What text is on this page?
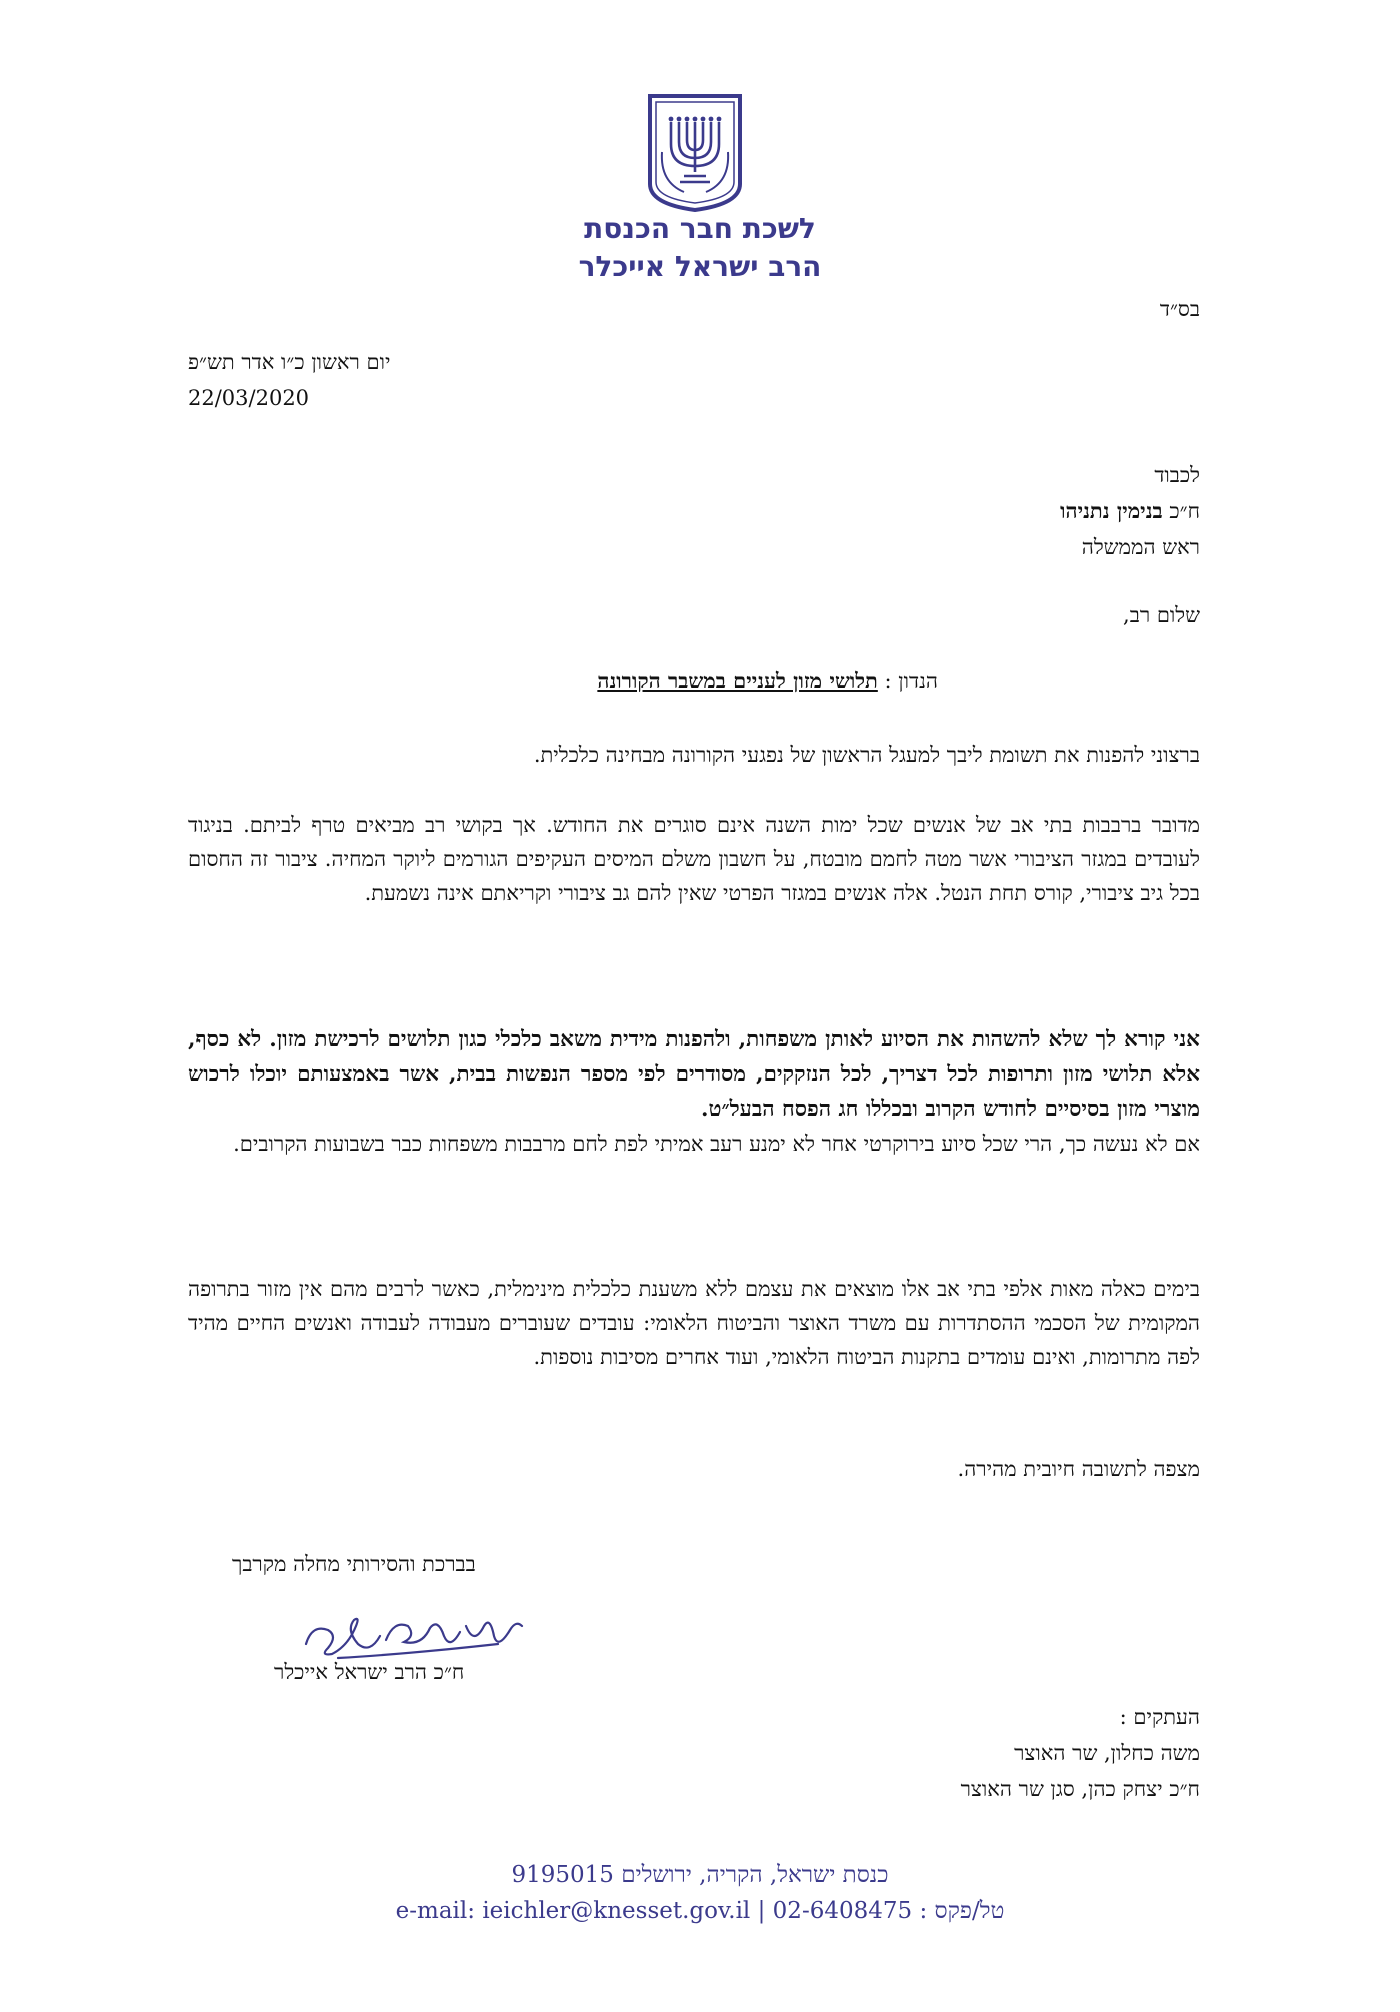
לשכת חבר הכנסת
הרב ישראל אייכלר
בס״ד
יום ראשון כ״ו אדר תש״פ
22/03/2020
לכבוד
ח״כ בנימין נתניהו
ראש הממשלה
שלום רב,
הנדון : תלושי מזון לעניים במשבר הקורונה

ברצוני להפנות את תשומת ליבך למעגל הראשון של נפגעי הקורונה מבחינה כלכלית.

מדובר ברבבות בתי אב של אנשים שכל ימות השנה אינם סוגרים את החודש. אך בקושי רב מביאים טרף לביתם. בניגוד לעובדים במגזר הציבורי אשר מטה לחמם מובטח, על חשבון משלם המיסים העקיפים הגורמים ליוקר המחיה. ציבור זה החסום בכל גיב ציבורי, קורס תחת הנטל. אלה אנשים במגזר הפרטי שאין להם גב ציבורי וקריאתם אינה נשמעת.

אני קורא לך שלא להשהות את הסיוע לאותן משפחות, ולהפנות מידית משאב כלכלי כגון תלושים לרכישת מזון. לא כסף, אלא תלושי מזון ותרופות לכל דצריך, לכל הנזקקים, מסודרים לפי מספר הנפשות בבית, אשר באמצעותם יוכלו לרכוש מוצרי מזון בסיסיים לחודש הקרוב ובכללו חג הפסח הבעל״ט.
אם לא נעשה כך, הרי שכל סיוע בירוקרטי אחר לא ימנע רעב אמיתי לפת לחם מרבבות משפחות כבר בשבועות הקרובים.

בימים כאלה מאות אלפי בתי אב אלו מוצאים את עצמם ללא משענת כלכלית מינימלית, כאשר לרבים מהם אין מזור בתרופה המקומית של הסכמי ההסתדרות עם משרד האוצר והביטוח הלאומי: עובדים שעוברים מעבודה לעבודה ואנשים החיים מהיד לפה מתרומות, ואינם עומדים בתקנות הביטוח הלאומי, ועוד אחרים מסיבות נוספות.

מצפה לתשובה חיובית מהירה.

בברכת והסירותי מחלה מקרבך
ח״כ הרב ישראל אייכלר
העתקים :
משה כחלון, שר האוצר
ח״כ יצחק כהן, סגן שר האוצר
כנסת ישראל, הקריה, ירושלים 9195015
e-mail: ieichler@knesset.gov.il | 02-6408475 טל/פקס :
